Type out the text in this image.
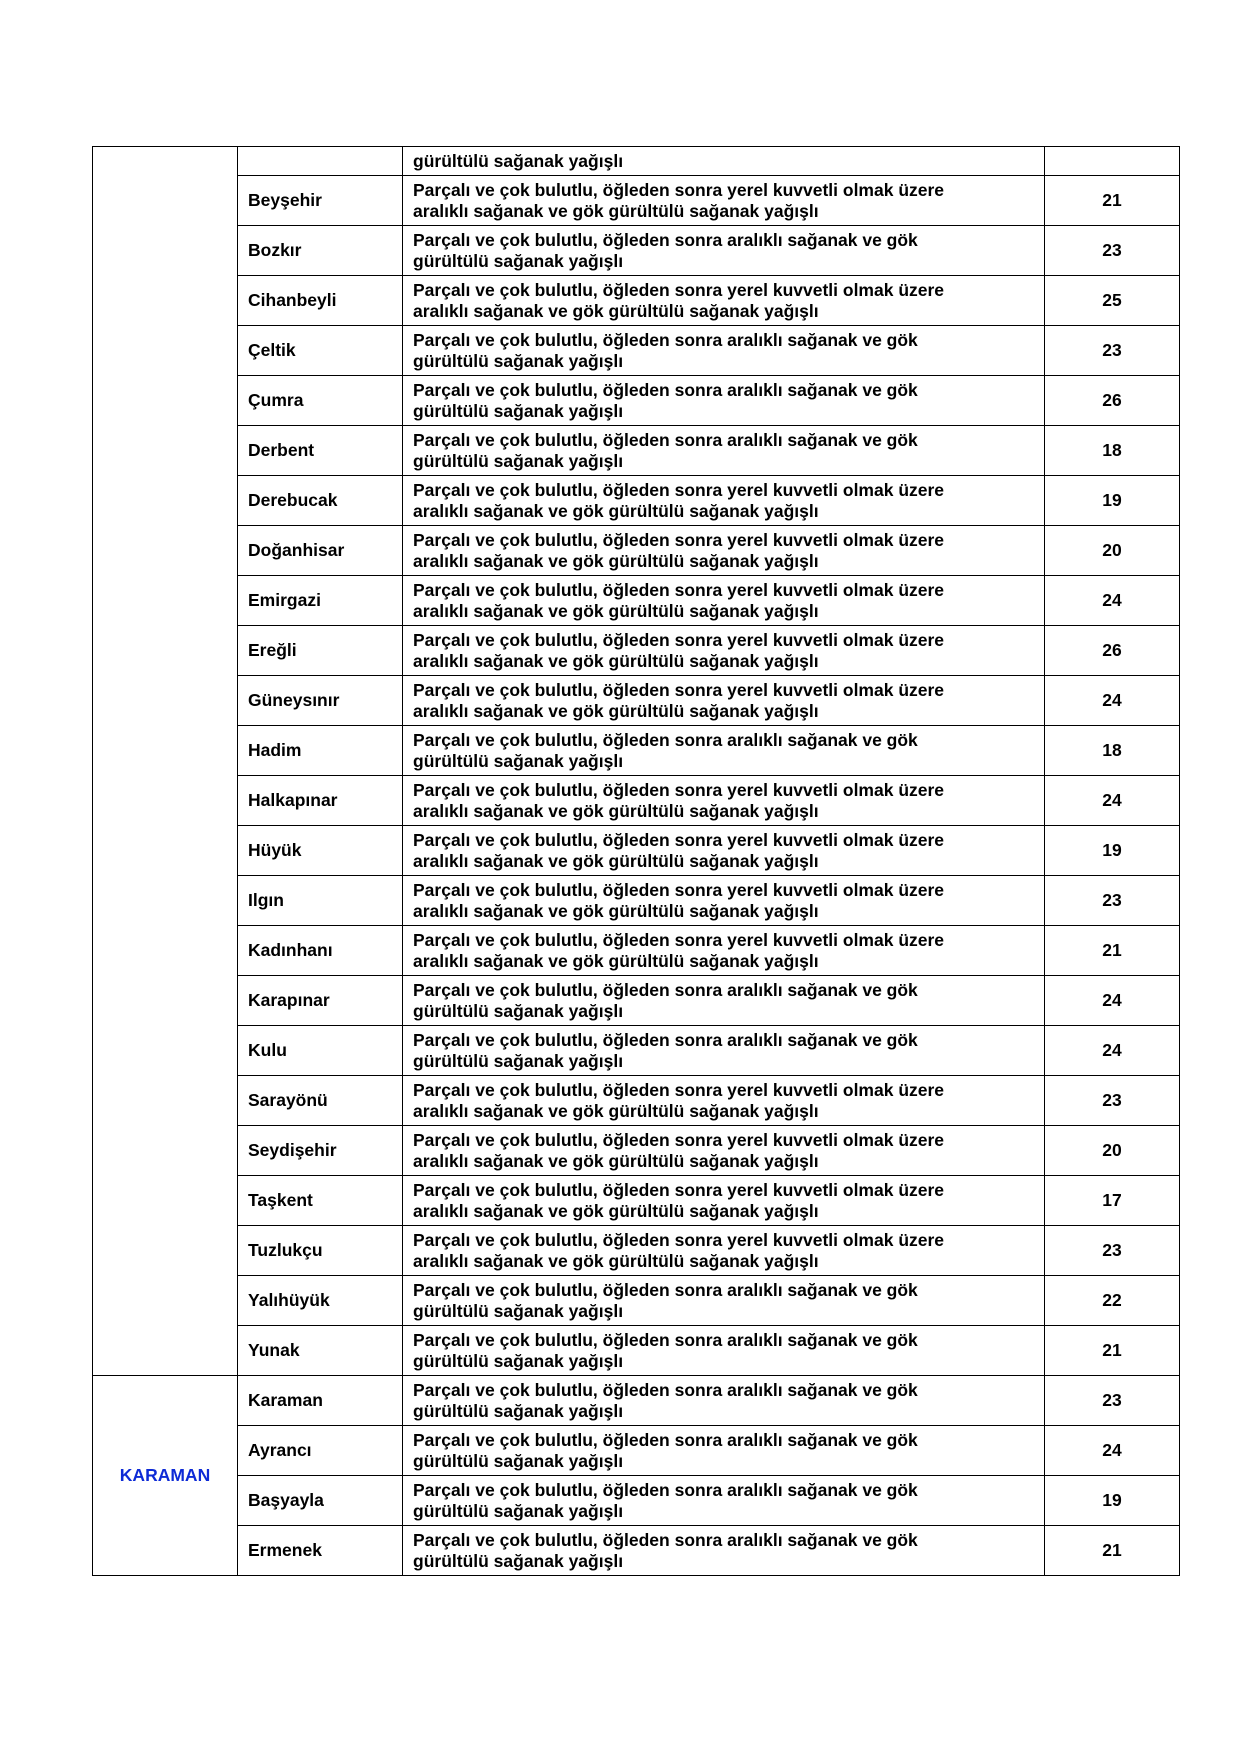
		gürültülü sağanak yağışlı	
	Beyşehir	Parçalı ve çok bulutlu, öğleden sonra yerel kuvvetli olmak üzere
aralıklı sağanak ve gök gürültülü sağanak yağışlı	21
	Bozkır	Parçalı ve çok bulutlu, öğleden sonra aralıklı sağanak ve gök
gürültülü sağanak yağışlı	23
	Cihanbeyli	Parçalı ve çok bulutlu, öğleden sonra yerel kuvvetli olmak üzere
aralıklı sağanak ve gök gürültülü sağanak yağışlı	25
	Çeltik	Parçalı ve çok bulutlu, öğleden sonra aralıklı sağanak ve gök
gürültülü sağanak yağışlı	23
	Çumra	Parçalı ve çok bulutlu, öğleden sonra aralıklı sağanak ve gök
gürültülü sağanak yağışlı	26
	Derbent	Parçalı ve çok bulutlu, öğleden sonra aralıklı sağanak ve gök
gürültülü sağanak yağışlı	18
	Derebucak	Parçalı ve çok bulutlu, öğleden sonra yerel kuvvetli olmak üzere
aralıklı sağanak ve gök gürültülü sağanak yağışlı	19
	Doğanhisar	Parçalı ve çok bulutlu, öğleden sonra yerel kuvvetli olmak üzere
aralıklı sağanak ve gök gürültülü sağanak yağışlı	20
	Emirgazi	Parçalı ve çok bulutlu, öğleden sonra yerel kuvvetli olmak üzere
aralıklı sağanak ve gök gürültülü sağanak yağışlı	24
	Ereğli	Parçalı ve çok bulutlu, öğleden sonra yerel kuvvetli olmak üzere
aralıklı sağanak ve gök gürültülü sağanak yağışlı	26
	Güneysınır	Parçalı ve çok bulutlu, öğleden sonra yerel kuvvetli olmak üzere
aralıklı sağanak ve gök gürültülü sağanak yağışlı	24
	Hadim	Parçalı ve çok bulutlu, öğleden sonra aralıklı sağanak ve gök
gürültülü sağanak yağışlı	18
	Halkapınar	Parçalı ve çok bulutlu, öğleden sonra yerel kuvvetli olmak üzere
aralıklı sağanak ve gök gürültülü sağanak yağışlı	24
	Hüyük	Parçalı ve çok bulutlu, öğleden sonra yerel kuvvetli olmak üzere
aralıklı sağanak ve gök gürültülü sağanak yağışlı	19
	Ilgın	Parçalı ve çok bulutlu, öğleden sonra yerel kuvvetli olmak üzere
aralıklı sağanak ve gök gürültülü sağanak yağışlı	23
	Kadınhanı	Parçalı ve çok bulutlu, öğleden sonra yerel kuvvetli olmak üzere
aralıklı sağanak ve gök gürültülü sağanak yağışlı	21
	Karapınar	Parçalı ve çok bulutlu, öğleden sonra aralıklı sağanak ve gök
gürültülü sağanak yağışlı	24
	Kulu	Parçalı ve çok bulutlu, öğleden sonra aralıklı sağanak ve gök
gürültülü sağanak yağışlı	24
	Sarayönü	Parçalı ve çok bulutlu, öğleden sonra yerel kuvvetli olmak üzere
aralıklı sağanak ve gök gürültülü sağanak yağışlı	23
	Seydişehir	Parçalı ve çok bulutlu, öğleden sonra yerel kuvvetli olmak üzere
aralıklı sağanak ve gök gürültülü sağanak yağışlı	20
	Taşkent	Parçalı ve çok bulutlu, öğleden sonra yerel kuvvetli olmak üzere
aralıklı sağanak ve gök gürültülü sağanak yağışlı	17
	Tuzlukçu	Parçalı ve çok bulutlu, öğleden sonra yerel kuvvetli olmak üzere
aralıklı sağanak ve gök gürültülü sağanak yağışlı	23
	Yalıhüyük	Parçalı ve çok bulutlu, öğleden sonra aralıklı sağanak ve gök
gürültülü sağanak yağışlı	22
	Yunak	Parçalı ve çok bulutlu, öğleden sonra aralıklı sağanak ve gök
gürültülü sağanak yağışlı	21
KARAMAN	Karaman	Parçalı ve çok bulutlu, öğleden sonra aralıklı sağanak ve gök
gürültülü sağanak yağışlı	23
	Ayrancı	Parçalı ve çok bulutlu, öğleden sonra aralıklı sağanak ve gök
gürültülü sağanak yağışlı	24
	Başyayla	Parçalı ve çok bulutlu, öğleden sonra aralıklı sağanak ve gök
gürültülü sağanak yağışlı	19
	Ermenek	Parçalı ve çok bulutlu, öğleden sonra aralıklı sağanak ve gök
gürültülü sağanak yağışlı	21
